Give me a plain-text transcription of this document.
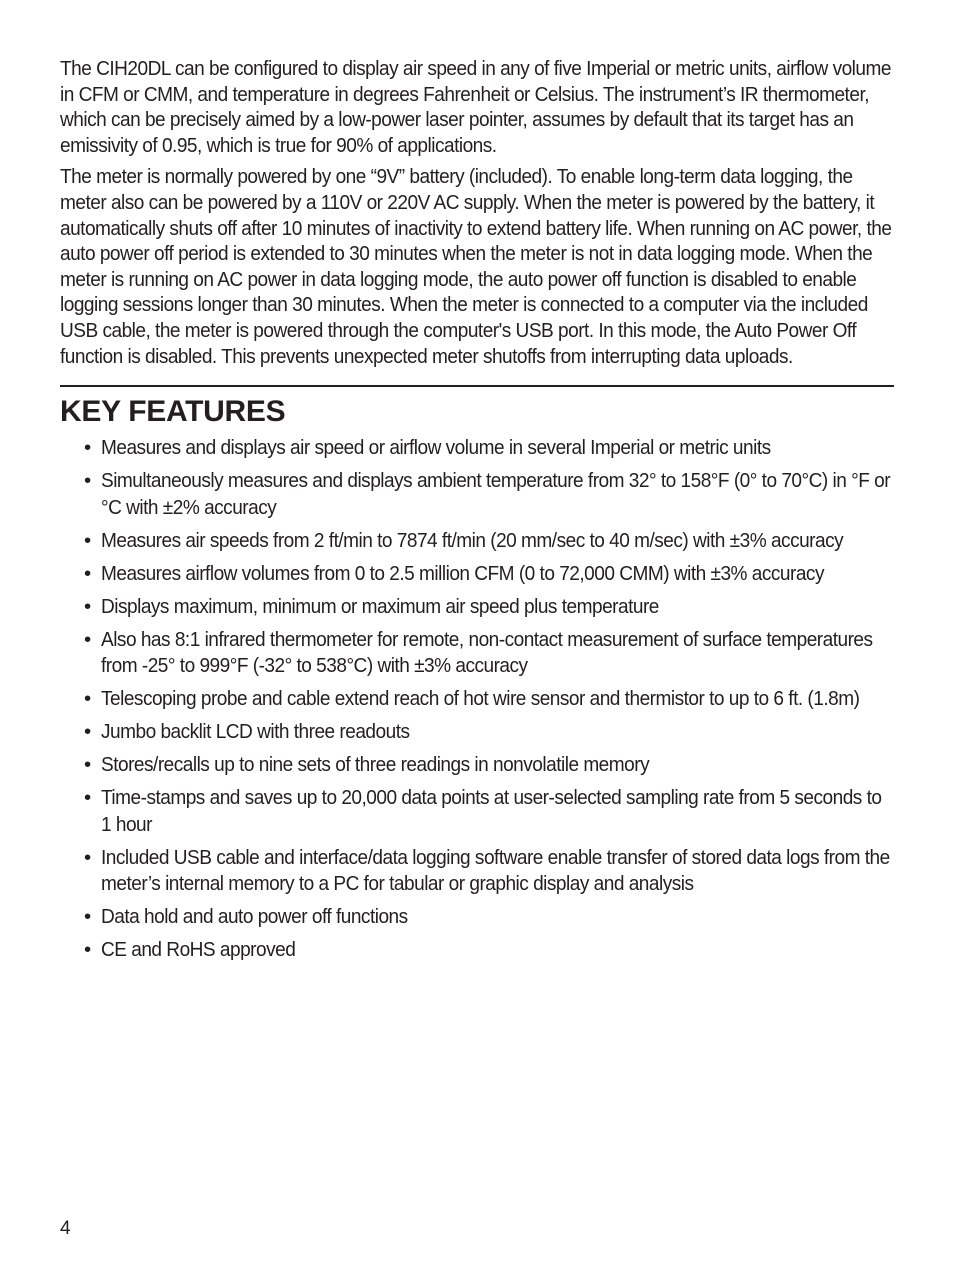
The CIH20DL can be configured to display air speed in any of five Imperial or metric units, airflow volume in CFM or CMM, and temperature in degrees Fahrenheit or Celsius. The instrument’s IR thermometer, which can be precisely aimed by a low-power laser pointer, assumes by default that its target has an emissivity of 0.95, which is true for 90% of applications.

The meter is normally powered by one “9V” battery (included). To enable long-term data logging, the meter also can be powered by a 110V or 220V AC supply. When the meter is powered by the battery, it automatically shuts off after 10 minutes of inactivity to extend battery life. When running on AC power, the auto power off period is extended to 30 minutes when the meter is not in data logging mode. When the meter is running on AC power in data logging mode, the auto power off function is disabled to enable logging sessions longer than 30 minutes. When the meter is connected to a computer via the included USB cable, the meter is powered through the computer's USB port. In this mode, the Auto Power Off function is disabled. This prevents unexpected meter shutoffs from interrupting data uploads.

KEY FEATURES
• Measures and displays air speed or airflow volume in several Imperial or metric units
• Simultaneously measures and displays ambient temperature from 32° to 158°F (0° to 70°C) in °F or °C with ±2% accuracy
• Measures air speeds from 2 ft/min to 7874 ft/min (20 mm/sec to 40 m/sec) with ±3% accuracy
• Measures airflow volumes from 0 to 2.5 million CFM (0 to 72,000 CMM) with ±3% accuracy
• Displays maximum, minimum or maximum air speed plus temperature
• Also has 8:1 infrared thermometer for remote, non-contact measurement of surface temperatures from -25° to 999°F (-32° to 538°C) with ±3% accuracy
• Telescoping probe and cable extend reach of hot wire sensor and thermistor to up to 6 ft. (1.8m)
• Jumbo backlit LCD with three readouts
• Stores/recalls up to nine sets of three readings in nonvolatile memory
• Time-stamps and saves up to 20,000 data points at user-selected sampling rate from 5 seconds to 1 hour
• Included USB cable and interface/data logging software enable transfer of stored data logs from the meter’s internal memory to a PC for tabular or graphic display and analysis
• Data hold and auto power off functions
• CE and RoHS approved
4
